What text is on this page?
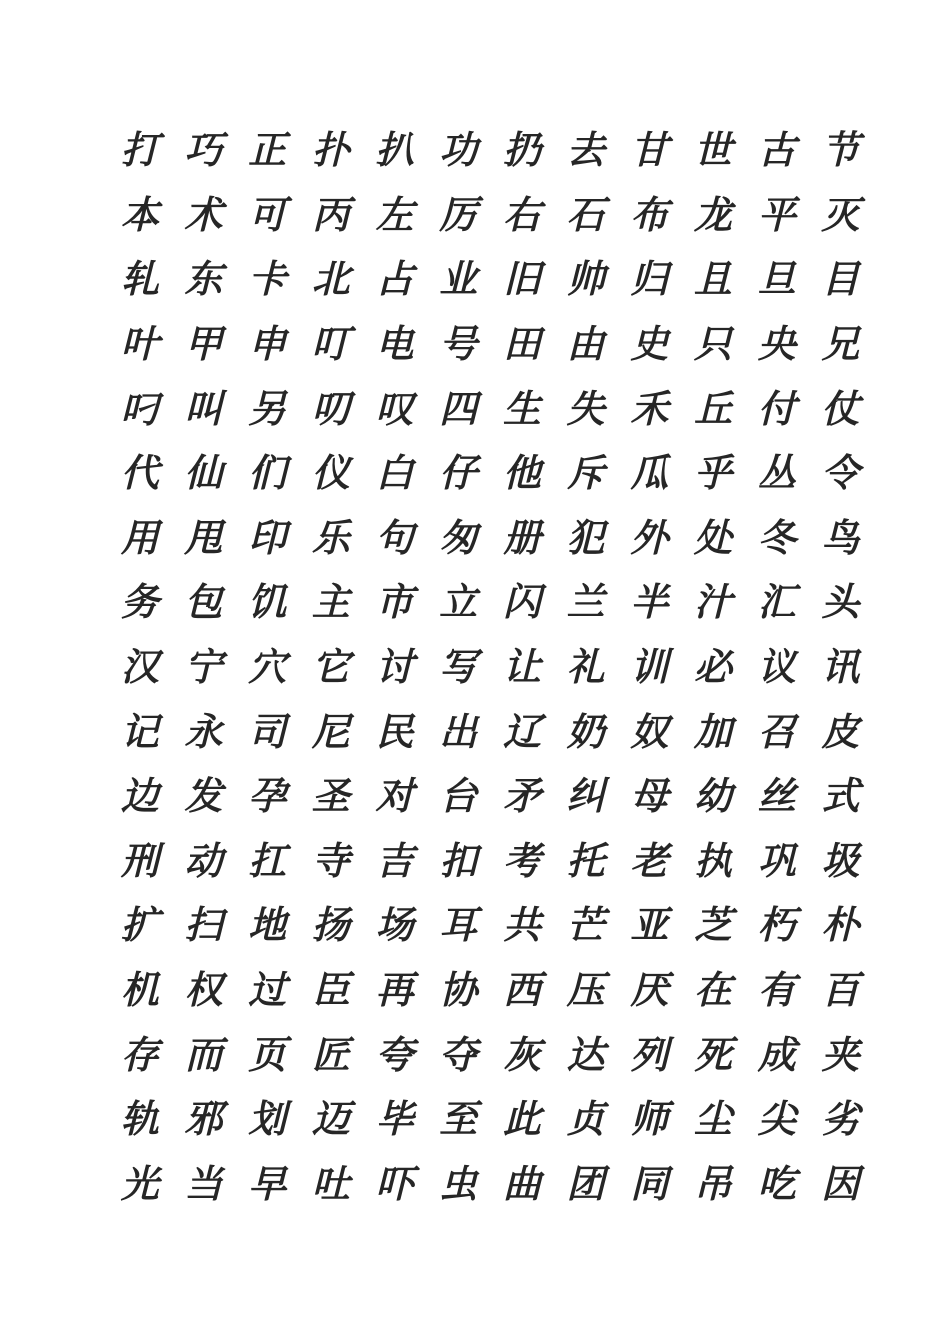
打 巧 正 扑 扒 功 扔 去 甘 世 古 节
本 术 可 丙 左 厉 右 石 布 龙 平 灭
轧 东 卡 北 占 业 旧 帅 归 且 旦 目
叶 甲 申 叮 电 号 田 由 史 只 央 兄
叼 叫 另 叨 叹 四 生 失 禾 丘 付 仗
代 仙 们 仪 白 仔 他 斥 瓜 乎 丛 令
用 甩 印 乐 句 匆 册 犯 外 处 冬 鸟
务 包 饥 主 市 立 闪 兰 半 汁 汇 头
汉 宁 穴 它 讨 写 让 礼 训 必 议 讯
记 永 司 尼 民 出 辽 奶 奴 加 召 皮
边 发 孕 圣 对 台 矛 纠 母 幼 丝 式
刑 动 扛 寺 吉 扣 考 托 老 执 巩 圾
扩 扫 地 扬 场 耳 共 芒 亚 芝 朽 朴
机 权 过 臣 再 协 西 压 厌 在 有 百
存 而 页 匠 夸 夺 灰 达 列 死 成 夹
轨 邪 划 迈 毕 至 此 贞 师 尘 尖 劣
光 当 早 吐 吓 虫 曲 团 同 吊 吃 因
